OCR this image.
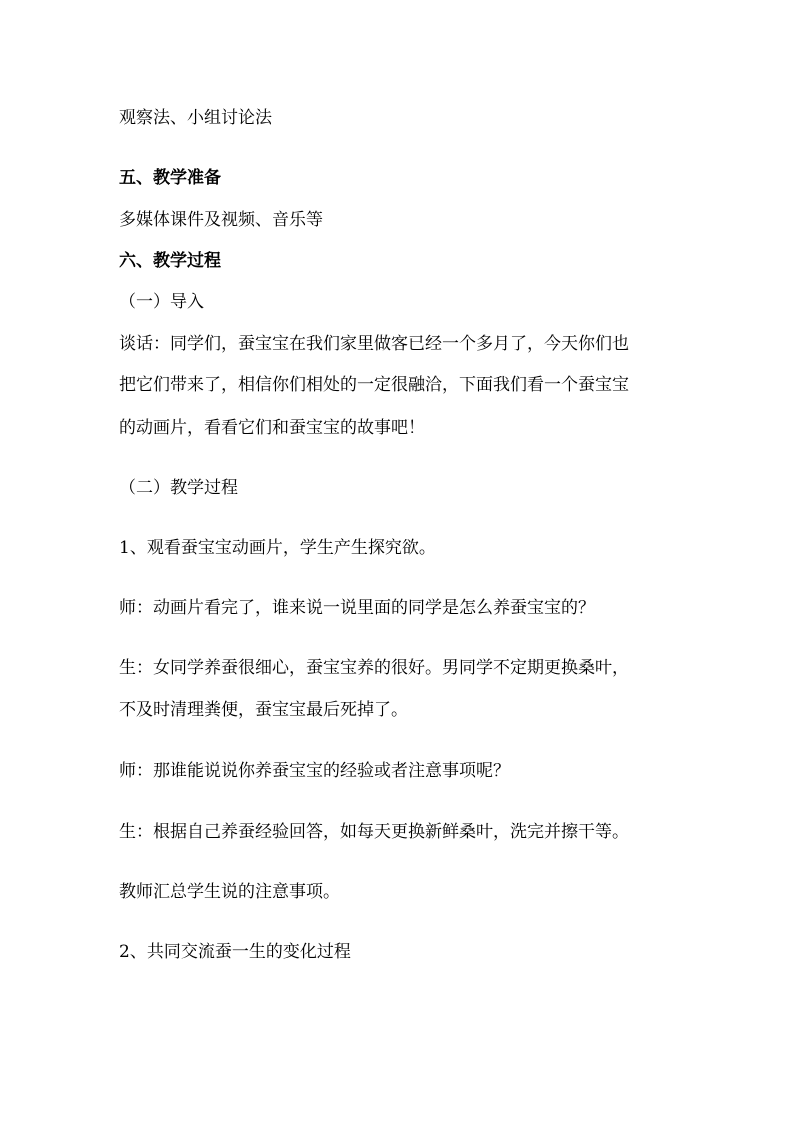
观察法、小组讨论法
五、教学准备
多媒体课件及视频、音乐等
六、教学过程
（一）导入
谈话：同学们，蚕宝宝在我们家里做客已经一个多月了，今天你们也
把它们带来了，相信你们相处的一定很融洽，下面我们看一个蚕宝宝
的动画片，看看它们和蚕宝宝的故事吧！
（二）教学过程
1、观看蚕宝宝动画片，学生产生探究欲。
师：动画片看完了，谁来说一说里面的同学是怎么养蚕宝宝的？
生：女同学养蚕很细心，蚕宝宝养的很好。男同学不定期更换桑叶，
不及时清理粪便，蚕宝宝最后死掉了。
师：那谁能说说你养蚕宝宝的经验或者注意事项呢？
生：根据自己养蚕经验回答，如每天更换新鲜桑叶，洗完并擦干等。
教师汇总学生说的注意事项。
2、共同交流蚕一生的变化过程
